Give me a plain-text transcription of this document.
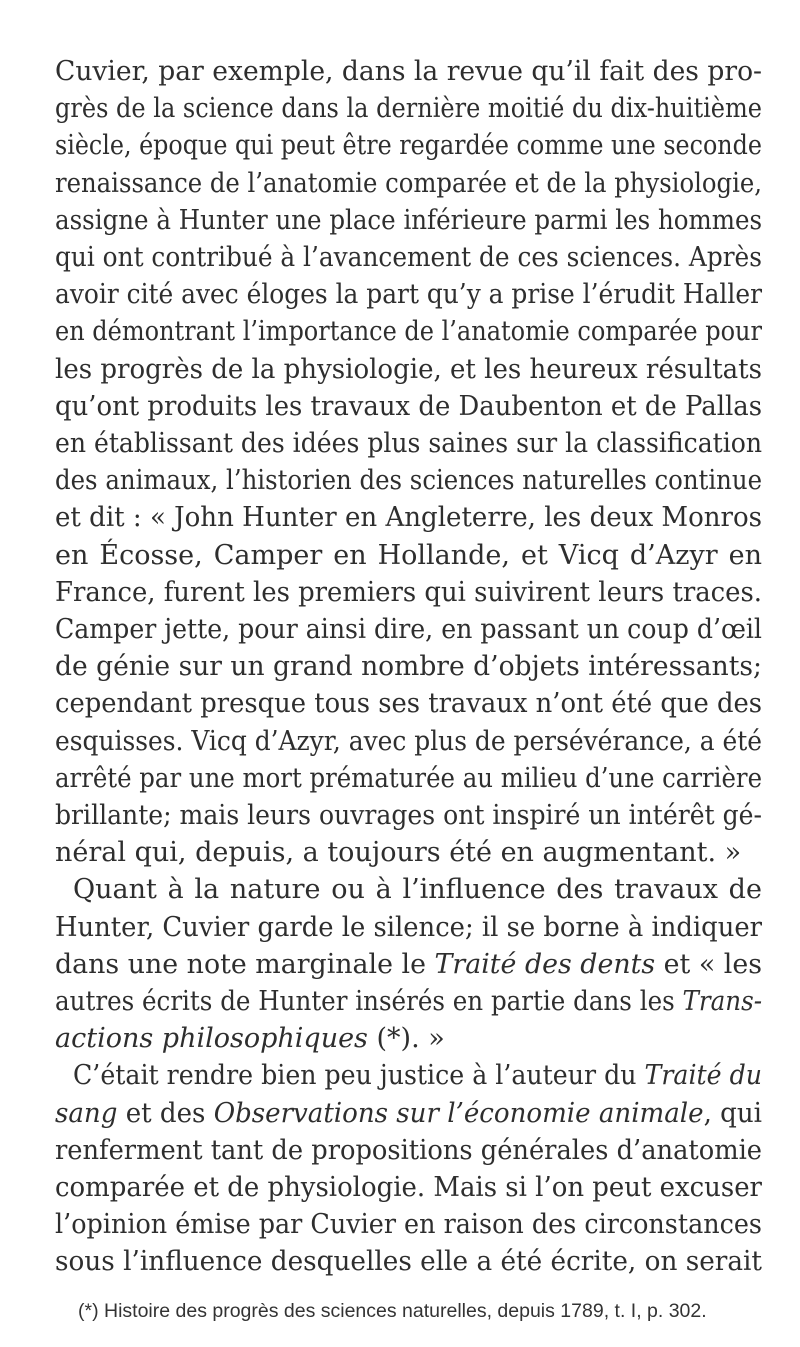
Cuvier, par exemple, dans la revue qu’il fait des pro-
grès de la science dans la dernière moitié du dix-huitième
siècle, époque qui peut être regardée comme une seconde
renaissance de l’anatomie comparée et de la physiologie,
assigne à Hunter une place inférieure parmi les hommes
qui ont contribué à l’avancement de ces sciences. Après
avoir cité avec éloges la part qu’y a prise l’érudit Haller
en démontrant l’importance de l’anatomie comparée pour
les progrès de la physiologie, et les heureux résultats
qu’ont produits les travaux de Daubenton et de Pallas
en établissant des idées plus saines sur la classification
des animaux, l’historien des sciences naturelles continue
et dit : « John Hunter en Angleterre, les deux Monros
en Écosse, Camper en Hollande, et Vicq d’Azyr en
France, furent les premiers qui suivirent leurs traces.
Camper jette, pour ainsi dire, en passant un coup d’œil
de génie sur un grand nombre d’objets intéressants;
cependant presque tous ses travaux n’ont été que des
esquisses. Vicq d’Azyr, avec plus de persévérance, a été
arrêté par une mort prématurée au milieu d’une carrière
brillante; mais leurs ouvrages ont inspiré un intérêt gé-
néral qui, depuis, a toujours été en augmentant. »
Quant à la nature ou à l’influence des travaux de
Hunter, Cuvier garde le silence; il se borne à indiquer
dans une note marginale le Traité des dents et « les
autres écrits de Hunter insérés en partie dans les Trans-
actions philosophiques (*). »
C’était rendre bien peu justice à l’auteur du Traité du
sang et des Observations sur l’économie animale, qui
renferment tant de propositions générales d’anatomie
comparée et de physiologie. Mais si l’on peut excuser
l’opinion émise par Cuvier en raison des circonstances
sous l’influence desquelles elle a été écrite, on serait
(*) Histoire des progrès des sciences naturelles, depuis 1789, t. I, p. 302.
